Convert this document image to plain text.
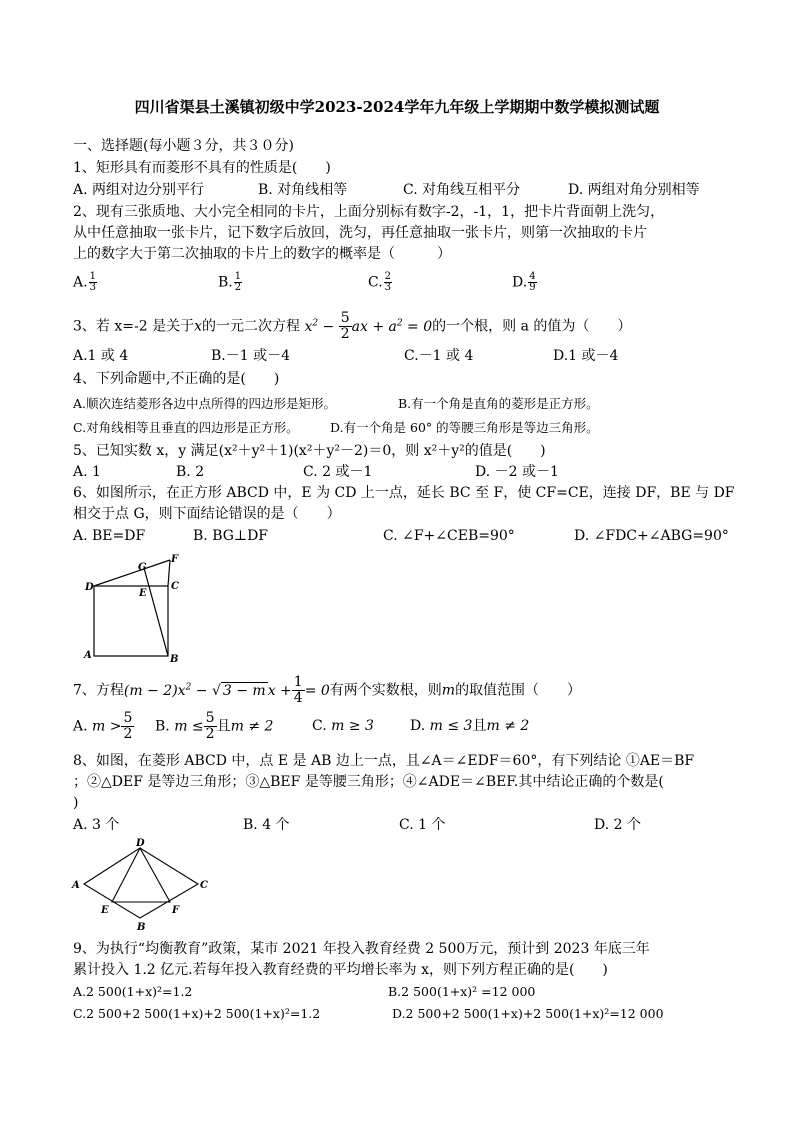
四川省渠县土溪镇初级中学2023-2024学年九年级上学期期中数学模拟测试题
一、选择题(每小题３分，共３０分)
1、矩形具有而菱形不具有的性质是(　　)
A. 两组对边分别平行	B. 对角线相等	C. 对角线互相平分	D. 两组对角分别相等
2、现有三张质地、大小完全相同的卡片，上面分别标有数字-2，-1，1，把卡片背面朝上洗匀，
从中任意抽取一张卡片，记下数字后放回，洗匀，再任意抽取一张卡片，则第一次抽取的卡片
上的数字大于第二次抽取的卡片上的数字的概率是（　　　）
A. $\frac{1}{3}$	B. $\frac{1}{2}$	C. $\frac{2}{3}$	D. $\frac{4}{9}$
3、若 x=-2 是关于x的一元二次方程 $x^2 - \frac{5}{2}$ ax + $a^2 = 0$的一个根，则 a 的值为（　　）
A.1 或 4	B.－1 或－4	C.－1 或 4	D.1 或－4
4、下列命题中,不正确的是(　　)
A.顺次连结菱形各边中点所得的四边形是矩形。	B.有一个角是直角的菱形是正方形。
C.对角线相等且垂直的四边形是正方形。	D.有一个角是 60° 的等腰三角形是等边三角形。
5、已知实数 x，y 满足(x²＋y²＋1)(x²＋y²－2)＝0，则 x²＋y²的值是(　　)
A. 1	B. 2	C. 2 或－1	D. －2 或－1
6、如图所示，在正方形 ABCD 中，E 为 CD 上一点，延长 BC 至 F，使 CF=CE，连接 DF，BE 与 DF
相交于点 G，则下面结论错误的是（　　）
A. BE=DF	B. BG⊥DF	C. ∠F+∠CEB=90°	D. ∠FDC+∠ABG=90°
A	B
C
D
E
F
G
7、方程$(m - 2)x^2$ − √ 3 − m $x + \frac{1}{4} = 0$有两个实数根，则m的取值范围（　　）
A. $m > \frac{5}{2} B$. $m \le \frac{5}{2}$ 且m ≠ 2	C. m ≥ 3	D. m ≤ 3且m ≠ 2
8、如图，在菱形 ABCD 中，点 E 是 AB 边上一点，且∠A＝∠EDF＝60°，有下列结论 ①AE＝BF
；②△DEF 是等边三角形；③△BEF 是等腰三角形；④∠ADE＝∠BEF.其中结论正确的个数是(
)
A. 3 个	B. 4 个	C. 1 个	D. 2 个
A
D
C
B
E	F
9、为执行“均衡教育”政策，某市 2021 年投入教育经费 2 500万元，预计到 2023 年底三年
累计投入 1.2 亿元.若每年投入教育经费的平均增长率为 x，则下列方程正确的是(　　)
A.2 500(1+x)²=1.2	B.2 500(1+x)² =12 000
C.2 500+2 500(1+x)+2 500(1+x)²=1.2	D.2 500+2 500(1+x)+2 500(1+x)²=12 000
